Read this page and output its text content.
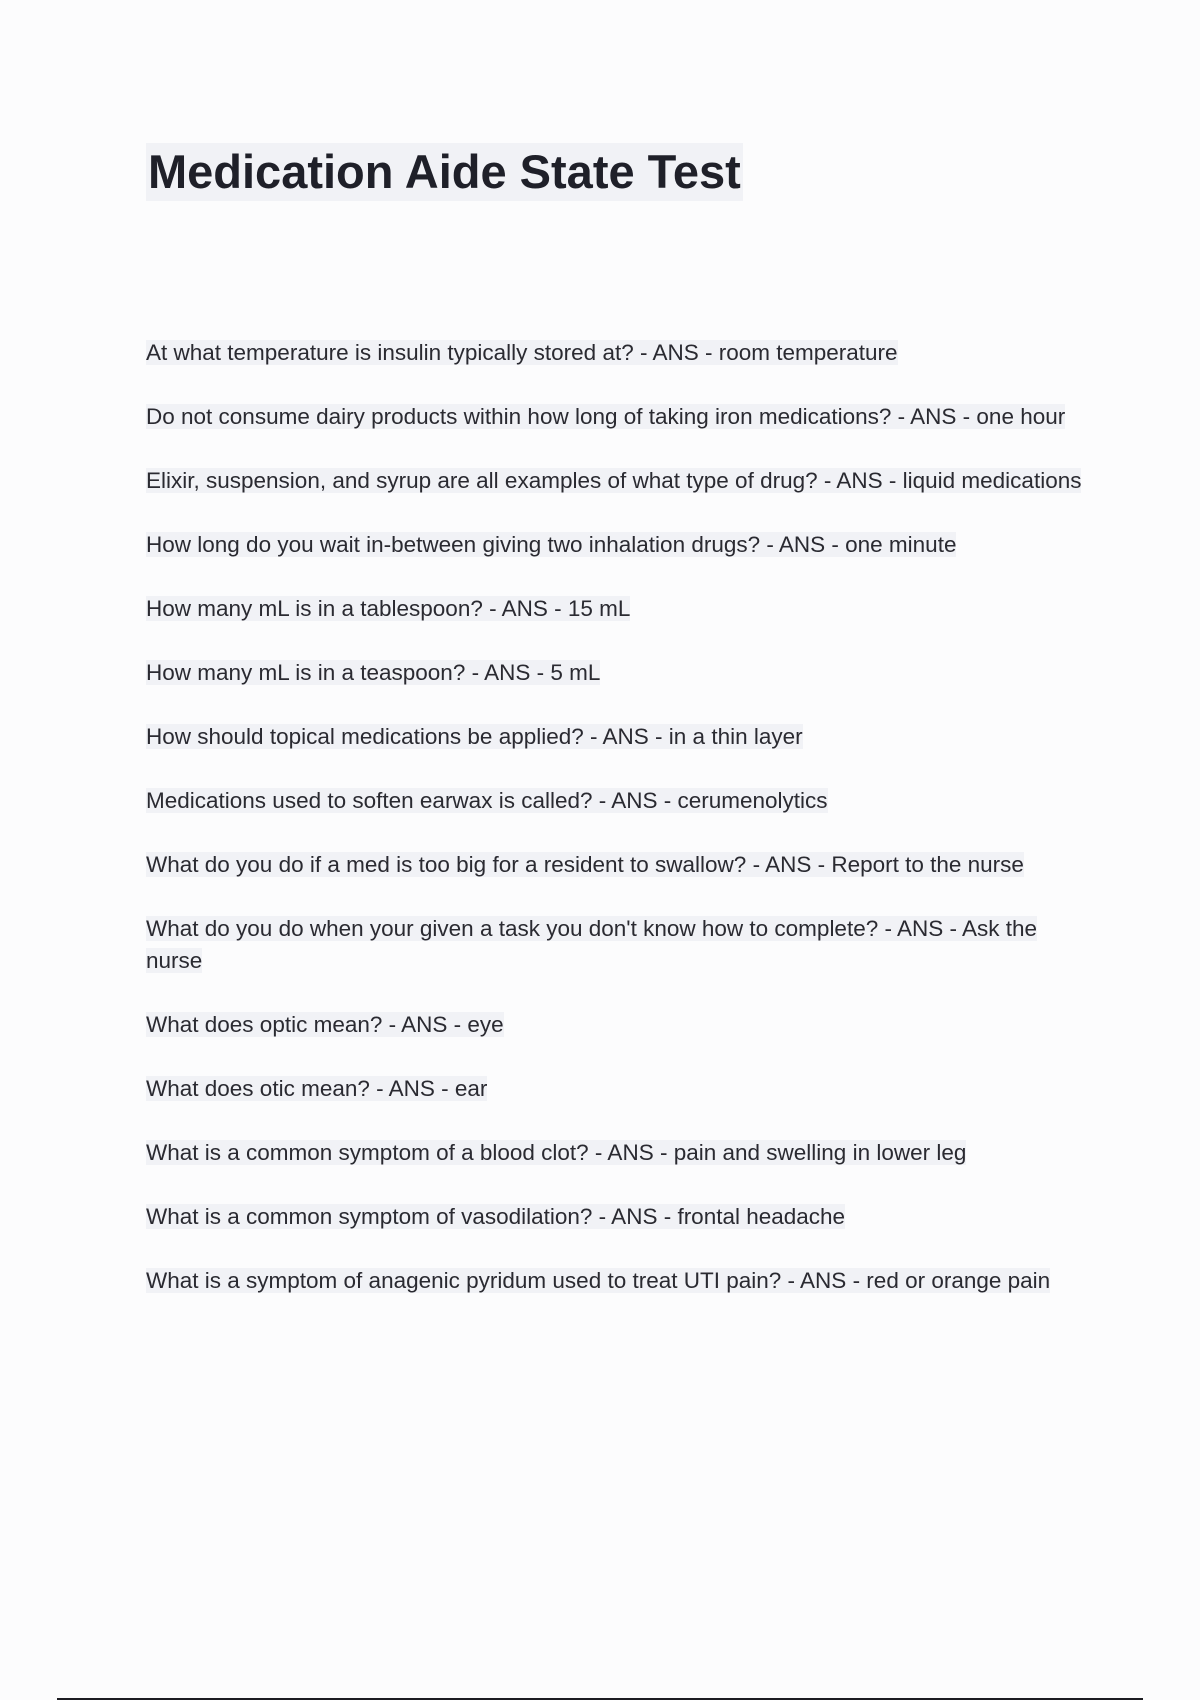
Medication Aide State Test
At what temperature is insulin typically stored at? - ANS - room temperature
Do not consume dairy products within how long of taking iron medications? - ANS - one hour
Elixir, suspension, and syrup are all examples of what type of drug? - ANS - liquid medications
How long do you wait in-between giving two inhalation drugs? - ANS - one minute
How many mL is in a tablespoon? - ANS - 15 mL
How many mL is in a teaspoon? - ANS - 5 mL
How should topical medications be applied? - ANS - in a thin layer
Medications used to soften earwax is called? - ANS - cerumenolytics
What do you do if a med is too big for a resident to swallow? - ANS - Report to the nurse
What do you do when your given a task you don't know how to complete? - ANS - Ask the nurse
What does optic mean? - ANS - eye
What does otic mean? - ANS - ear
What is a common symptom of a blood clot? - ANS - pain and swelling in lower leg
What is a common symptom of vasodilation? - ANS - frontal headache
What is a symptom of anagenic pyridum used to treat UTI pain? - ANS - red or orange pain
